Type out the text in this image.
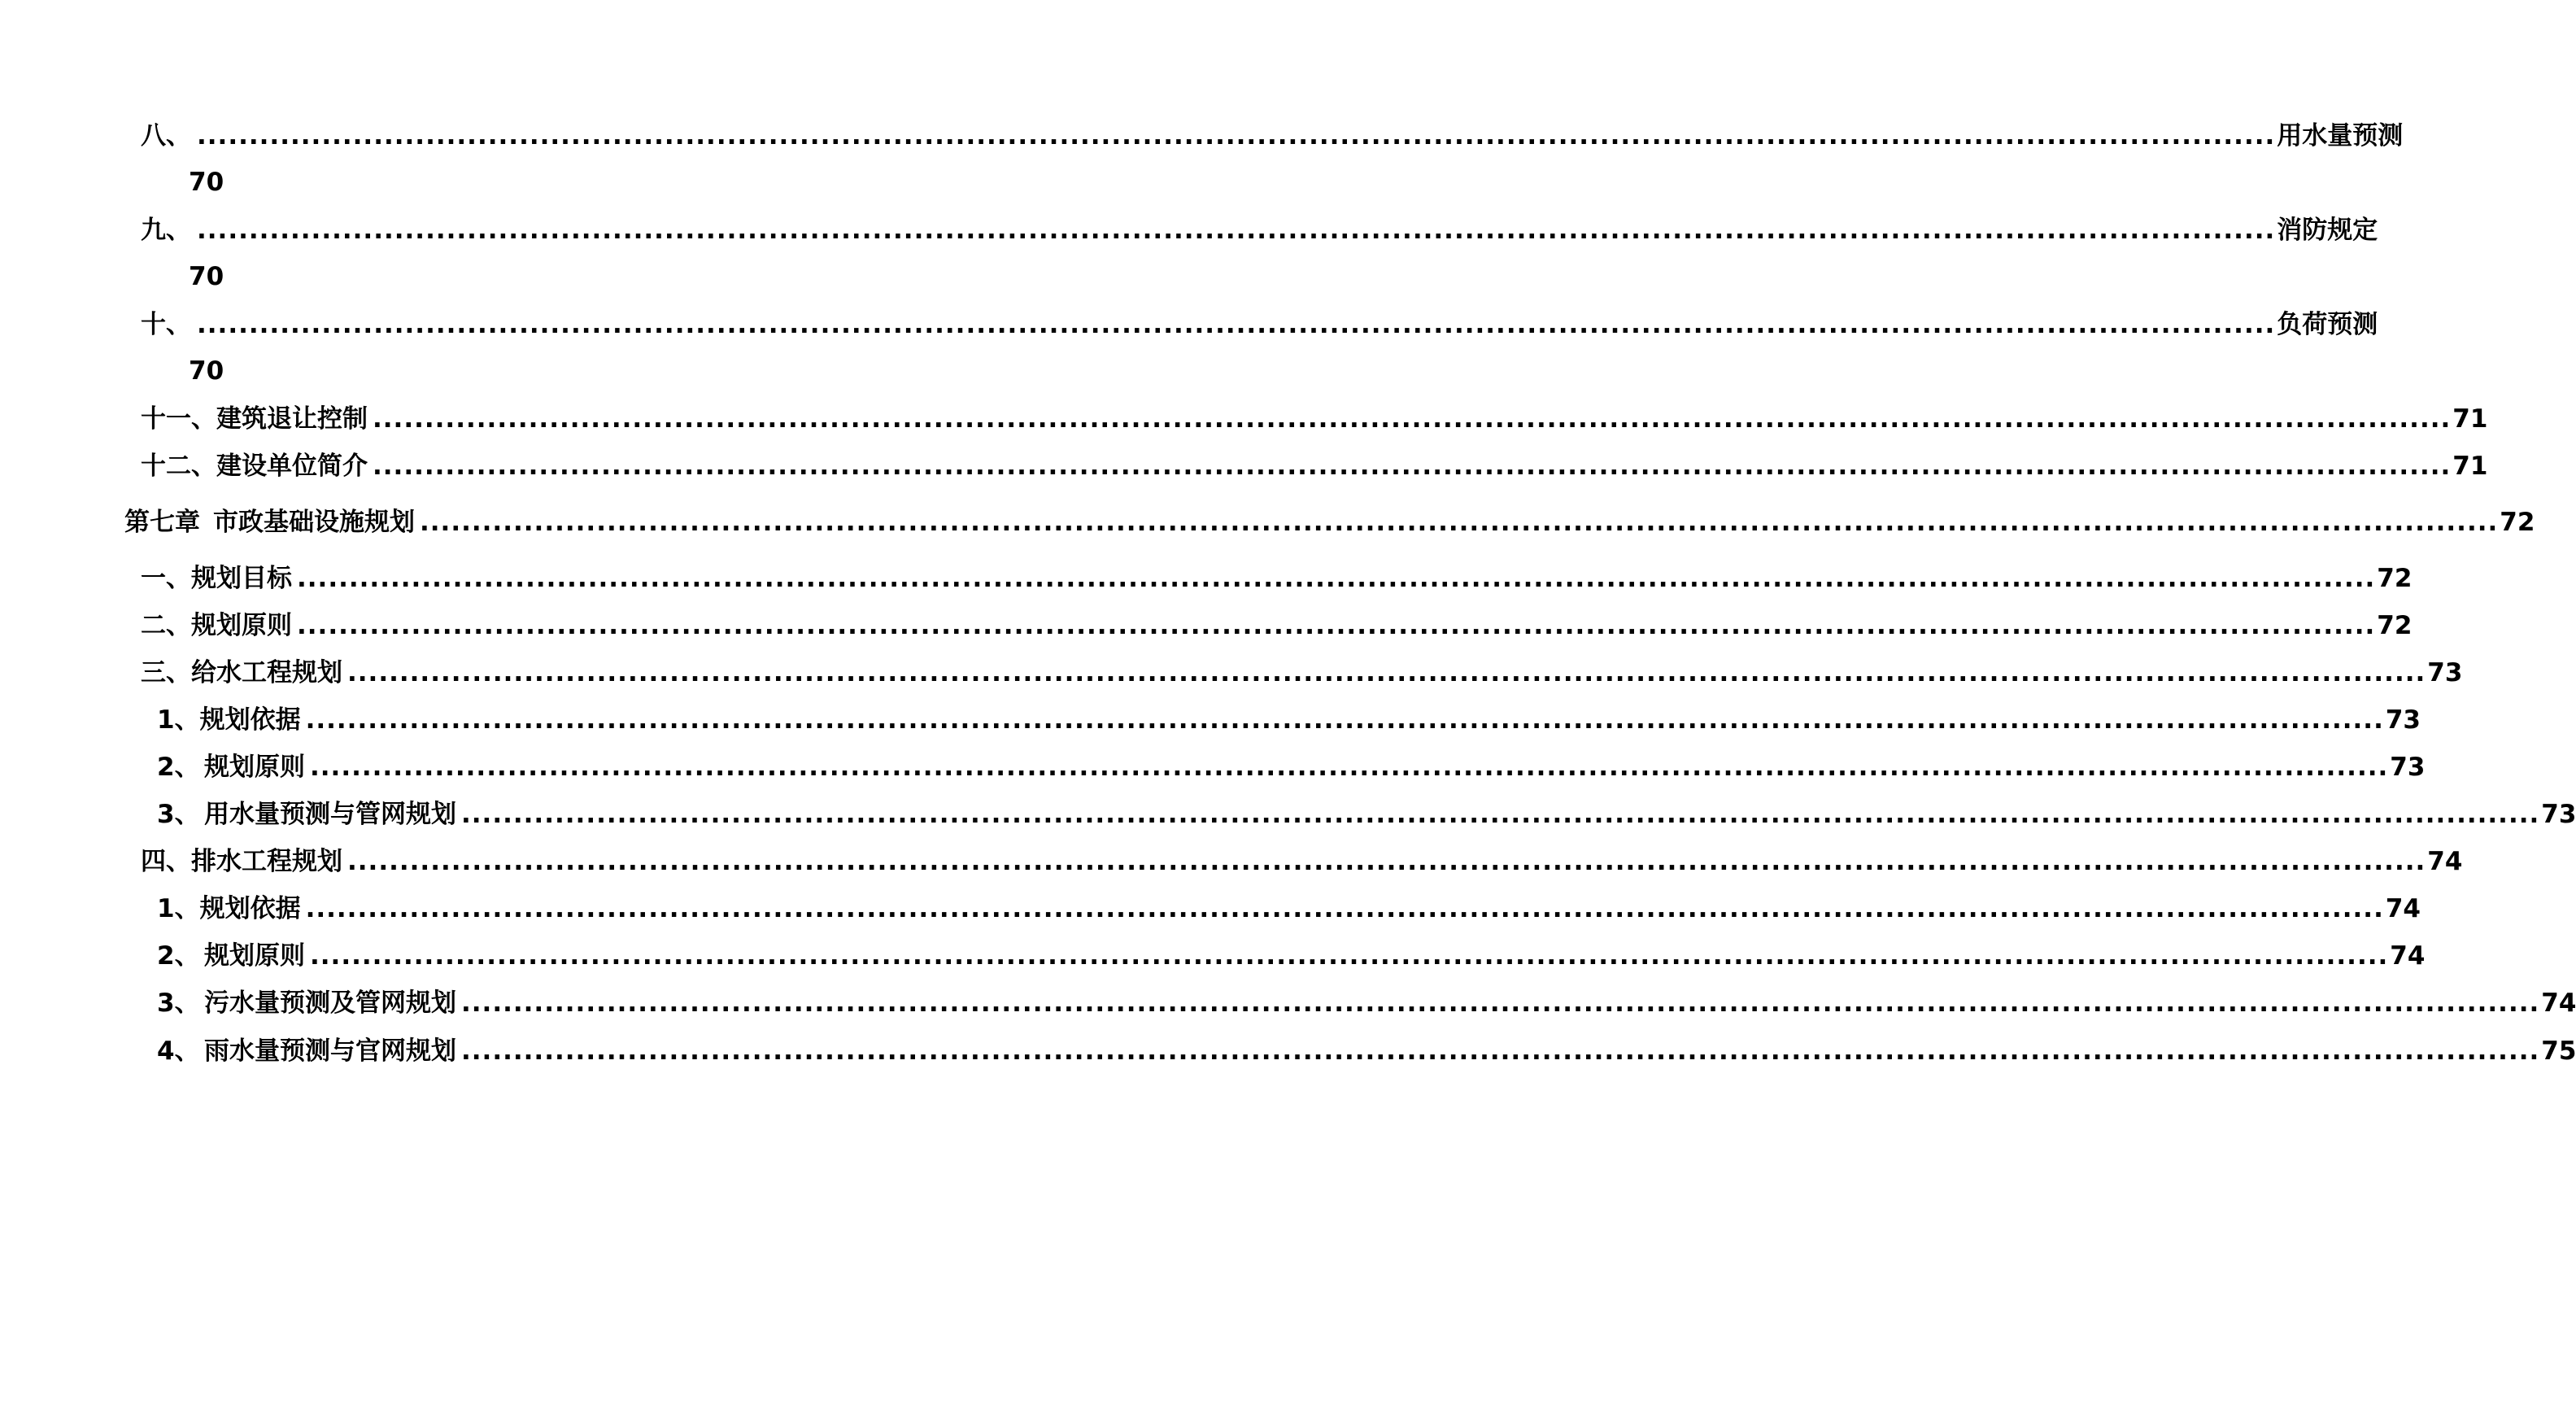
八、 ........................................................................................................................................................................................................ 用水量预测
70
九、 ........................................................................................................................................................................................................ 消防规定
70
十、 ........................................................................................................................................................................................................ 负荷预测
70
十一、 建筑退让控制 ........................................................................................................................................................................................................ 71
十二、 建设单位简介 ........................................................................................................................................................................................................ 71
第七章 市政基础设施规划 ........................................................................................................................................................................................................ 72
一、 规划目标 ........................................................................................................................................................................................................ 72
二、 规划原则 ........................................................................................................................................................................................................ 72
三、 给水工程规划 ........................................................................................................................................................................................................ 73
1、 规划依据 ........................................................................................................................................................................................................ 73
2、 规划原则 ........................................................................................................................................................................................................ 73
3、 用水量预测与管网规划 ........................................................................................................................................................................................................ 73
四、 排水工程规划 ........................................................................................................................................................................................................ 74
1、 规划依据 ........................................................................................................................................................................................................ 74
2、 规划原则 ........................................................................................................................................................................................................ 74
3、 污水量预测及管网规划 ........................................................................................................................................................................................................ 74
4、 雨水量预测与官网规划 ........................................................................................................................................................................................................ 75
